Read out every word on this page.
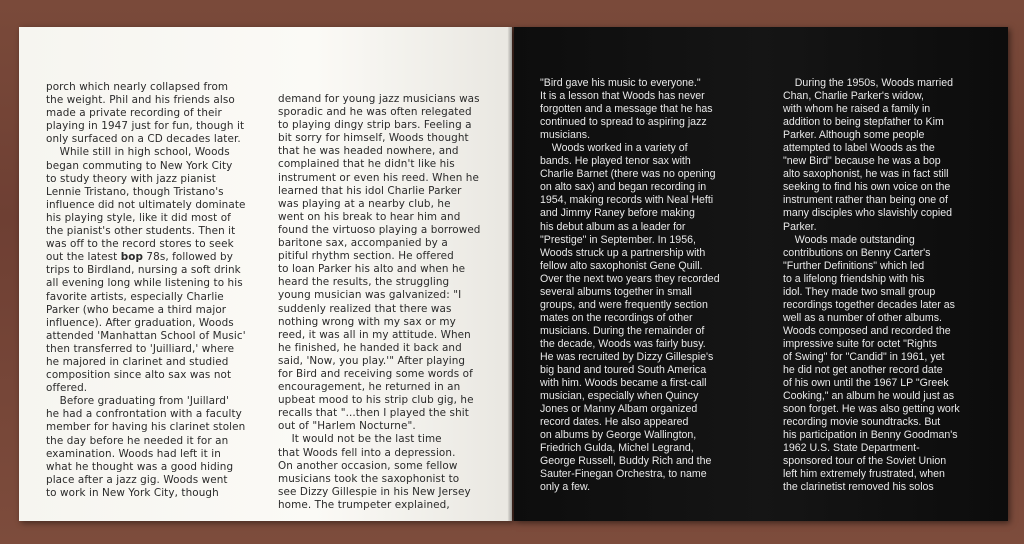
porch which nearly collapsed from
the weight. Phil and his friends also
made a private recording of their
playing in 1947 just for fun, though it
only surfaced on a CD decades later.
While still in high school, Woods
began commuting to New York City
to study theory with jazz pianist
Lennie Tristano, though Tristano's
influence did not ultimately dominate
his playing style, like it did most of
the pianist's other students. Then it
was off to the record stores to seek
out the latest bop 78s, followed by
trips to Birdland, nursing a soft drink
all evening long while listening to his
favorite artists, especially Charlie
Parker (who became a third major
influence). After graduation, Woods
attended 'Manhattan School of Music'
then transferred to 'Juilliard,' where
he majored in clarinet and studied
composition since alto sax was not
offered.
Before graduating from 'Juillard'
he had a confrontation with a faculty
member for having his clarinet stolen
the day before he needed it for an
examination. Woods had left it in
what he thought was a good hiding
place after a jazz gig. Woods went
to work in New York City, though
demand for young jazz musicians was
sporadic and he was often relegated
to playing dingy strip bars. Feeling a
bit sorry for himself, Woods thought
that he was headed nowhere, and
complained that he didn't like his
instrument or even his reed. When he
learned that his idol Charlie Parker
was playing at a nearby club, he
went on his break to hear him and
found the virtuoso playing a borrowed
baritone sax, accompanied by a
pitiful rhythm section. He offered
to loan Parker his alto and when he
heard the results, the struggling
young musician was galvanized: "I
suddenly realized that there was
nothing wrong with my sax or my
reed, it was all in my attitude. When
he finished, he handed it back and
said, 'Now, you play.'" After playing
for Bird and receiving some words of
encouragement, he returned in an
upbeat mood to his strip club gig, he
recalls that "...then I played the shit
out of "Harlem Nocturne".
It would not be the last time
that Woods fell into a depression.
On another occasion, some fellow
musicians took the saxophonist to
see Dizzy Gillespie in his New Jersey
home. The trumpeter explained,
"Bird gave his music to everyone."
It is a lesson that Woods has never
forgotten and a message that he has
continued to spread to aspiring jazz
musicians.
Woods worked in a variety of
bands. He played tenor sax with
Charlie Barnet (there was no opening
on alto sax) and began recording in
1954, making records with Neal Hefti
and Jimmy Raney before making
his debut album as a leader for
"Prestige" in September. In 1956,
Woods struck up a partnership with
fellow alto saxophonist Gene Quill.
Over the next two years they recorded
several albums together in small
groups, and were frequently section
mates on the recordings of other
musicians. During the remainder of
the decade, Woods was fairly busy.
He was recruited by Dizzy Gillespie's
big band and toured South America
with him. Woods became a first-call
musician, especially when Quincy
Jones or Manny Albam organized
record dates. He also appeared
on albums by George Wallington,
Friedrich Gulda, Michel Legrand,
George Russell, Buddy Rich and the
Sauter-Finegan Orchestra, to name
only a few.
During the 1950s, Woods married
Chan, Charlie Parker's widow,
with whom he raised a family in
addition to being stepfather to Kim
Parker. Although some people
attempted to label Woods as the
"new Bird" because he was a bop
alto saxophonist, he was in fact still
seeking to find his own voice on the
instrument rather than being one of
many disciples who slavishly copied
Parker.
Woods made outstanding
contributions on Benny Carter's
"Further Definitions" which led
to a lifelong friendship with his
idol. They made two small group
recordings together decades later as
well as a number of other albums.
Woods composed and recorded the
impressive suite for octet "Rights
of Swing" for "Candid" in 1961, yet
he did not get another record date
of his own until the 1967 LP "Greek
Cooking," an album he would just as
soon forget. He was also getting work
recording movie soundtracks. But
his participation in Benny Goodman's
1962 U.S. State Department-
sponsored tour of the Soviet Union
left him extremely frustrated, when
the clarinetist removed his solos
